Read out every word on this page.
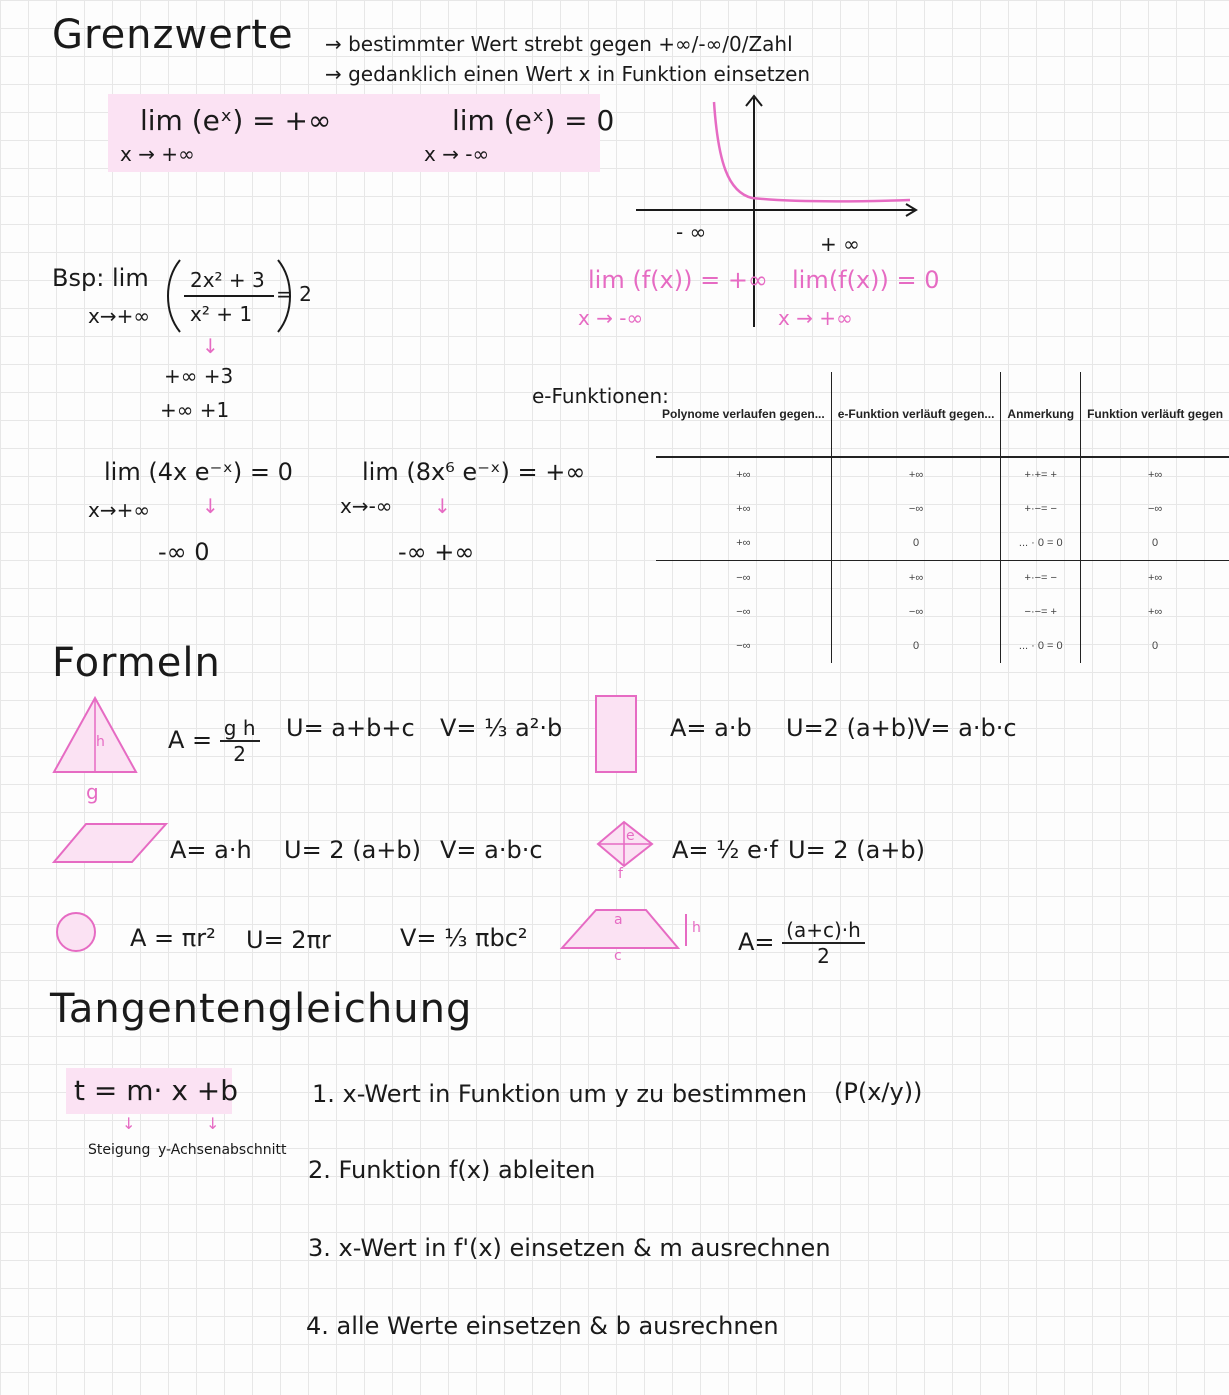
Grenzwerte → bestimmter Wert strebt gegen +∞/-∞/0/Zahl
→ gedanklich einen Wert x in Funktion einsetzen
lim (eˣ) = +∞
x → +∞
lim (eˣ) = 0
x → -∞
- ∞	+ ∞
lim (f(x)) = +∞
x → -∞
lim(f(x)) = 0
x → +∞
Bsp: lim
x→+∞
2x² + 3
x² + 1
= 2
↓
+∞ +3
+∞ +1
lim (4x e⁻ˣ) = 0
x→+∞	↓
-∞ 0
lim (8x⁶ e⁻ˣ) = +∞
x→-∞ ↓
-∞ +∞
e-Funktionen:
Polynome verlaufen gegen...	e-Funktion verläuft gegen...	Anmerkung	Funktion verläuft gegen
+∞	+∞	+·+= +	+∞
+∞	−∞	+·−= −	−∞
+∞	0	... · 0 = 0	0
−∞	+∞	+·−= −	+∞
−∞	−∞	−·−= +	+∞
−∞	0	... · 0 = 0	0
Formeln
h
g
$A = \frac{\text{g h}}{2} U= a+b+c$ V= ⅓ a²·b	A= a·b U=2 (a+b)
V= a·b·c
A= a·h U= 2 (a+b) V= a·b·c	e
f
A= ½ e·f U= 2 (a+b)
A = πr² U= 2πr	V= ⅓ πbc²
a
c
h $A= \frac{(a+c)\cdot h}{2}$
Tangentengleichung
t = m· x +b
↓	↓
Steigung y-Achsenabschnitt
1. x-Wert in Funktion um y zu bestimmen (P(x/y))
2. Funktion f(x) ableiten
3. x-Wert in f'(x) einsetzen & m ausrechnen
4. alle Werte einsetzen & b ausrechnen
